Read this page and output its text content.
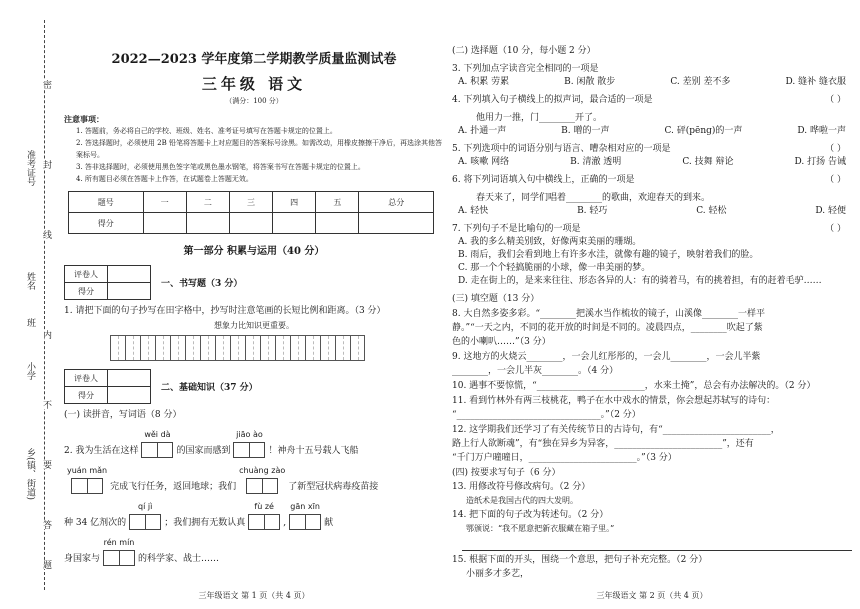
准考证号
姓名
班
小学
乡(镇、街道)
密
封
线
内
不
要
答
题
2022—2023 学年度第二学期教学质量监测试卷
三年级 语文
（满分：100 分）
注意事项：
1. 答题前，务必将自己的学校、班级、姓名、准考证号填写在答题卡规定的位置上。
2. 答选择题时，必须使用 2B 铅笔将答题卡上对应题目的答案标号涂黑。如需改动，用橡皮擦擦干净后，再选涂其他答案标号。
3. 答非选择题时，必须使用黑色签字笔或黑色墨水钢笔，将答案书写在答题卡规定的位置上。
4. 所有题目必须在答题卡上作答，在试题卷上答题无效。
题号	一	二	三	四	五	总分
得分						
第一部分 积累与运用（40 分）
评卷人	
得分	
一、书写题（3 分）
1. 请把下面的句子抄写在田字格中，抄写时注意笔画的长短比例和距离。（3 分）
想象力比知识更重要。
评卷人	
得分	
二、基础知识（37 分）
(一) 读拼音，写词语（8 分）
2. 我为生活在这样
wěi dà
的国家而感到
jiāo ào
！神舟十五号载人飞船
yuán mǎn
完成飞行任务，返回地球；我们
chuàng zào
了新型冠状病毒疫苗接
种 34 亿剂次的
qí jì
；我们拥有无数认真
fù zé
,
gān xīn
献
身国家与
rén mín
的科学家、战士……
三年级语文 第 1 页（共 4 页）
(二) 选择题（10 分，每小题 2 分）
3. 下列加点字读音完全相同的一项是
A. 积累 劳累	B. 闲散 散步	C. 差别 差不多	D. 缝补 缝衣服
4. 下列填入句子横线上的拟声词，最合适的一项是	（ ）
他用力一推，门________开了。
A. 扑通一声	B. 噌的一声	C. 砰(pēng)的一声	D. 哗啦一声
5. 下列选项中的词语分别与语言、嘈杂相对应的一项是	（ ）
A. 咳嗽 网络	B. 清澈 透明	C. 技舞 辩论	D. 打扬 告诫
6. 将下列词语填入句中横线上，正确的一项是	（ ）
春天来了，同学们唱着________的歌曲，欢迎春天的到来。
A. 轻快	B. 轻巧	C. 轻松	D. 轻便
7. 下列句子不是比喻句的一项是	（ ）
A. 我的多么精美别致，好像两束美丽的珊瑚。
B. 雨后，我们会看到地上有许多水洼，就像有趣的镜子，映射着我们的脸。
C. 那一个个轻搞脆丽的小球，像一串美丽的梦。
D. 走在街上的，是来来往往、形态各异的人：有的骑着马，有的挑着担，有的赶着毛驴……
(三) 填空题（13 分）
8. 大自然多姿多彩。“________把溪水当作梳妆的镜子，山溪像________一样平
静。”“一天之内，不同的花开放的时间是不同的。凌晨四点，________吹起了紫
色的小喇叭……”（3 分）
9. 这地方的火烧云________，一会儿红彤彤的，一会儿________，一会儿半紫
________，一会儿半灰________。（4 分）
10. 遇事不要惊慌，“________________________，水来土掩”，总会有办法解决的。（2 分）
11. 看到竹林外有两三枝桃花，鸭子在水中戏水的情景，你会想起苏轼写的诗句：
“________________________________。”（2 分）
12. 这学期我们还学习了有关传统节日的古诗句，有“________________________，
路上行人欲断魂”，有“独在异乡为异客，________________________”，还有
“千门万户曈曈日，________________________。”（3 分）
(四) 按要求写句子（6 分）
13. 用修改符号修改病句。（2 分）
造纸术是我国古代的四大发明。
14. 把下面的句子改为转述句。（2 分）
鄂颁说：“我不愿意把新衣服藏在箱子里。”
15. 根据下面的开头，围绕一个意思，把句子补充完整。（2 分）
小丽多才多艺，
三年级语文 第 2 页（共 4 页）
